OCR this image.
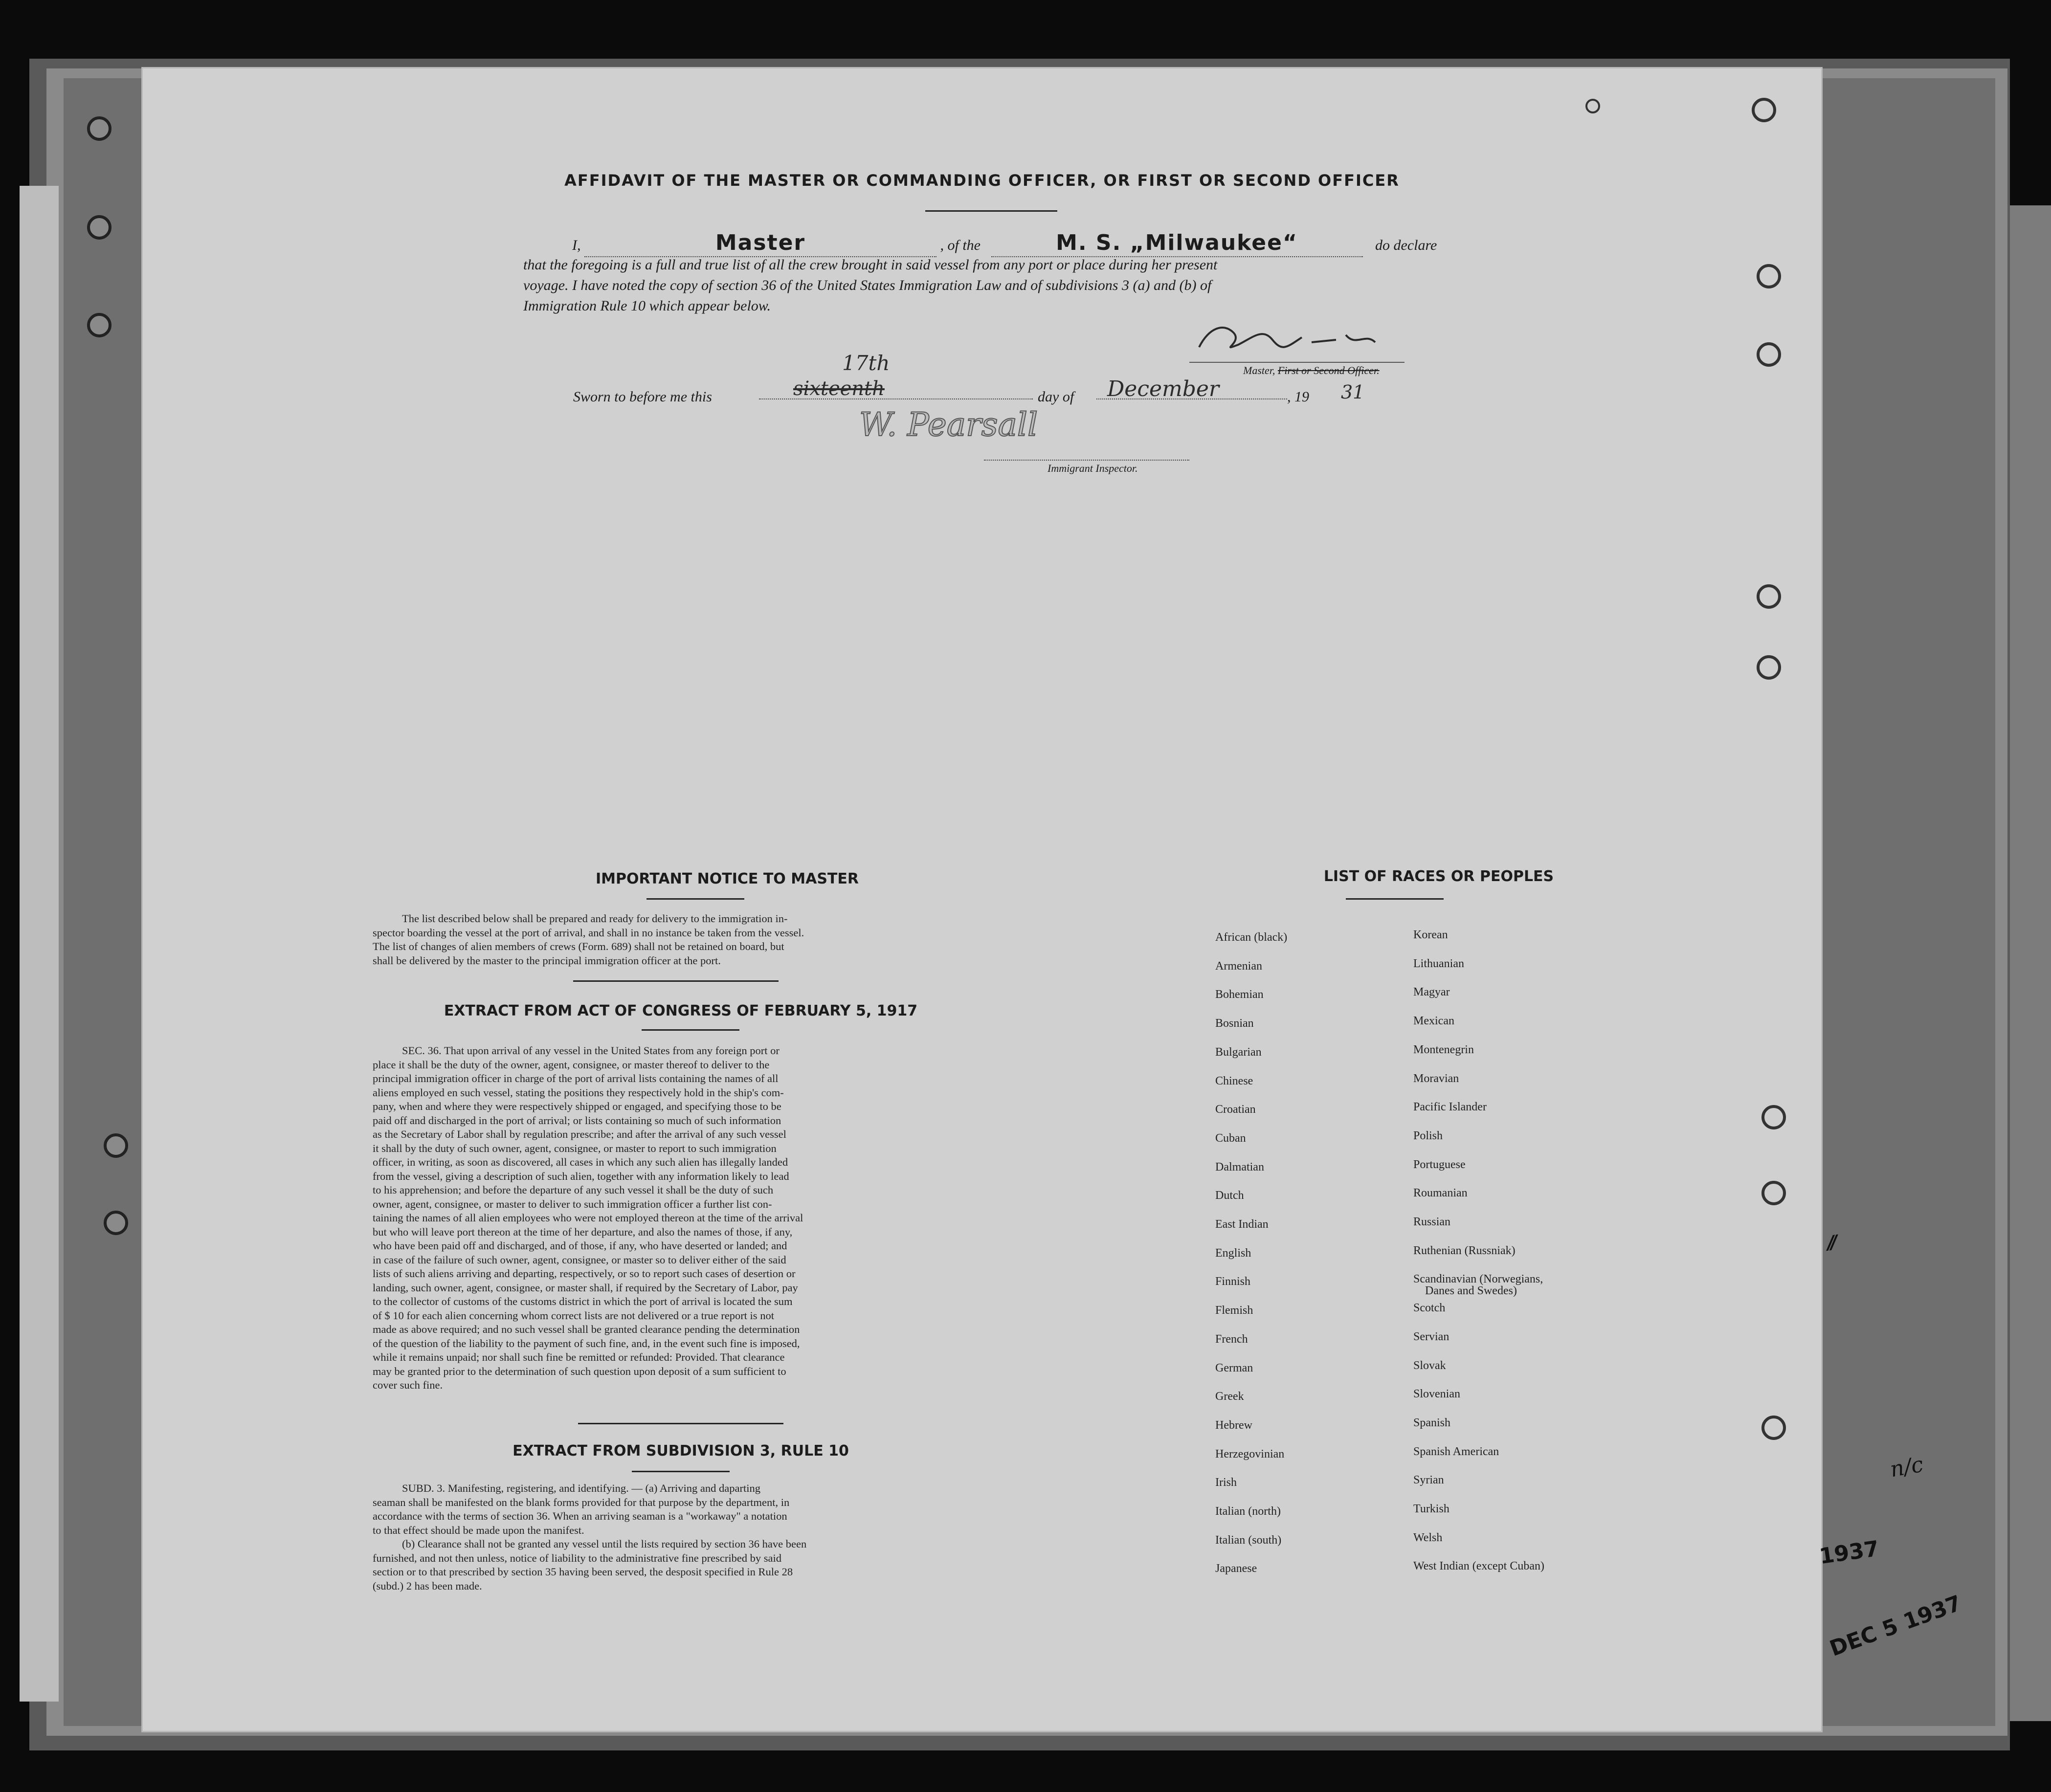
AFFIDAVIT OF THE MASTER OR COMMANDING OFFICER, OR FIRST OR SECOND OFFICER
I,	Master	, of the	M. S. „Milwaukee“	do declare
that the foregoing is a full and true list of all the crew brought in said vessel from any port or place during her present
voyage. I have noted the copy of section 36 of the United States Immigration Law and of subdivisions 3 (a) and (b) of
Immigration Rule 10 which appear below.
Master, First or Second Officer.
Sworn to before me this	sixteenth
17th
day of December	, 19 31
W. Pearsall
Immigrant Inspector.
IMPORTANT NOTICE TO MASTER
The list described below shall be prepared and ready for delivery to the immigration in-
spector boarding the vessel at the port of arrival, and shall in no instance be taken from the vessel.
The list of changes of alien members of crews (Form. 689) shall not be retained on board, but
shall be delivered by the master to the principal immigration officer at the port.
EXTRACT FROM ACT OF CONGRESS OF FEBRUARY 5, 1917
SEC. 36. That upon arrival of any vessel in the United States from any foreign port or
place it shall be the duty of the owner, agent, consignee, or master thereof to deliver to the
principal immigration officer in charge of the port of arrival lists containing the names of all
aliens employed en such vessel, stating the positions they respectively hold in the ship's com-
pany, when and where they were respectively shipped or engaged, and specifying those to be
paid off and discharged in the port of arrival; or lists containing so much of such information
as the Secretary of Labor shall by regulation prescribe; and after the arrival of any such vessel
it shall by the duty of such owner, agent, consignee, or master to report to such immigration
officer, in writing, as soon as discovered, all cases in which any such alien has illegally landed
from the vessel, giving a description of such alien, together with any information likely to lead
to his apprehension; and before the departure of any such vessel it shall be the duty of such
owner, agent, consignee, or master to deliver to such immigration officer a further list con-
taining the names of all alien employees who were not employed thereon at the time of the arrival
but who will leave port thereon at the time of her departure, and also the names of those, if any,
who have been paid off and discharged, and of those, if any, who have deserted or landed; and
in case of the failure of such owner, agent, consignee, or master so to deliver either of the said
lists of such aliens arriving and departing, respectively, or so to report such cases of desertion or
landing, such owner, agent, consignee, or master shall, if required by the Secretary of Labor, pay
to the collector of customs of the customs district in which the port of arrival is located the sum
of $ 10 for each alien concerning whom correct lists are not delivered or a true report is not
made as above required; and no such vessel shall be granted clearance pending the determination
of the question of the liability to the payment of such fine, and, in the event such fine is imposed,
while it remains unpaid; nor shall such fine be remitted or refunded: Provided. That clearance
may be granted prior to the determination of such question upon deposit of a sum sufficient to
cover such fine.
EXTRACT FROM SUBDIVISION 3, RULE 10
SUBD. 3. Manifesting, registering, and identifying. — (a) Arriving and daparting
seaman shall be manifested on the blank forms provided for that purpose by the department, in
accordance with the terms of section 36. When an arriving seaman is a "workaway" a notation
to that effect should be made upon the manifest.
(b) Clearance shall not be granted any vessel until the lists required by section 36 have been
furnished, and not then unless, notice of liability to the administrative fine prescribed by said
section or to that prescribed by section 35 having been served, the desposit specified in Rule 28
(subd.) 2 has been made.
LIST OF RACES OR PEOPLES
African (black)
Armenian
Bohemian
Bosnian
Bulgarian
Chinese
Croatian
Cuban
Dalmatian
Dutch
East Indian
English
Finnish
Flemish
French
German
Greek
Hebrew
Herzegovinian
Irish
Italian (north)
Italian (south)
Japanese
Korean
Lithuanian
Magyar
Mexican
Montenegrin
Moravian
Pacific Islander
Polish
Portuguese
Roumanian
Russian
Ruthenian (Russniak)
Scandinavian (Norwegians,
Danes and Swedes)
Scotch
Servian
Slovak
Slovenian
Spanish
Spanish American
Syrian
Turkish
Welsh
West Indian (except Cuban)
⁄⁄
n/c
1937
DEC 5 1937
